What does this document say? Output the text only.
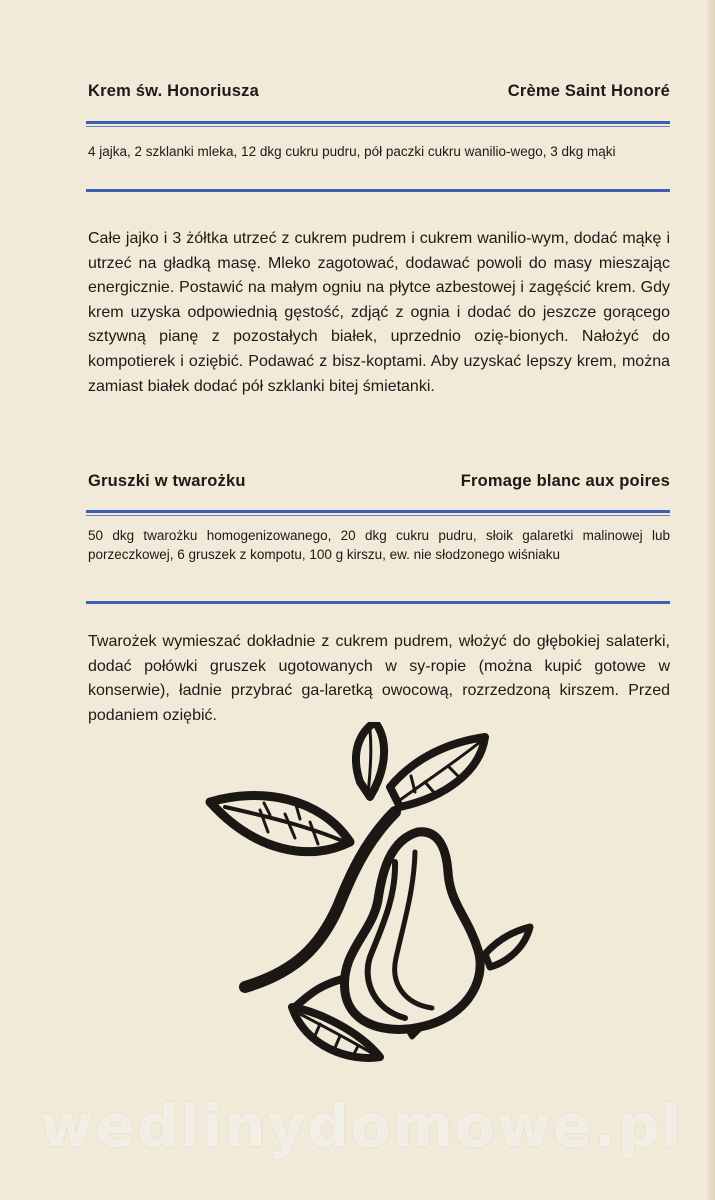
Krem św. Honoriusza	Crème Saint Honoré

4 jajka, 2 szklanki mleka, 12 dkg cukru pudru, pół paczki cukru wanilio-wego, 3 dkg mąki

Całe jajko i 3 żółtka utrzeć z cukrem pudrem i cukrem wanilio-wym, dodać mąkę i utrzeć na gładką masę. Mleko zagotować, dodawać powoli do masy mieszając energicznie. Postawić na małym ogniu na płytce azbestowej i zagęścić krem. Gdy krem uzyska odpowiednią gęstość, zdjąć z ognia i dodać do jeszcze gorącego sztywną pianę z pozostałych białek, uprzednio ozię-bionych. Nałożyć do kompotierek i oziębić. Podawać z bisz-koptami. Aby uzyskać lepszy krem, można zamiast białek dodać pół szklanki bitej śmietanki.

Gruszki w twarożku	Fromage blanc aux poires

50 dkg twarożku homogenizowanego, 20 dkg cukru pudru, słoik galaretki malinowej lub porzeczkowej, 6 gruszek z kompotu, 100 g kirszu, ew. nie słodzonego wiśniaku

Twarożek wymieszać dokładnie z cukrem pudrem, włożyć do głębokiej salaterki, dodać połówki gruszek ugotowanych w sy-ropie (można kupić gotowe w konserwie), ładnie przybrać ga-laretką owocową, rozrzedzoną kirszem. Przed podaniem oziębić.

wedlinydomowe.pl
